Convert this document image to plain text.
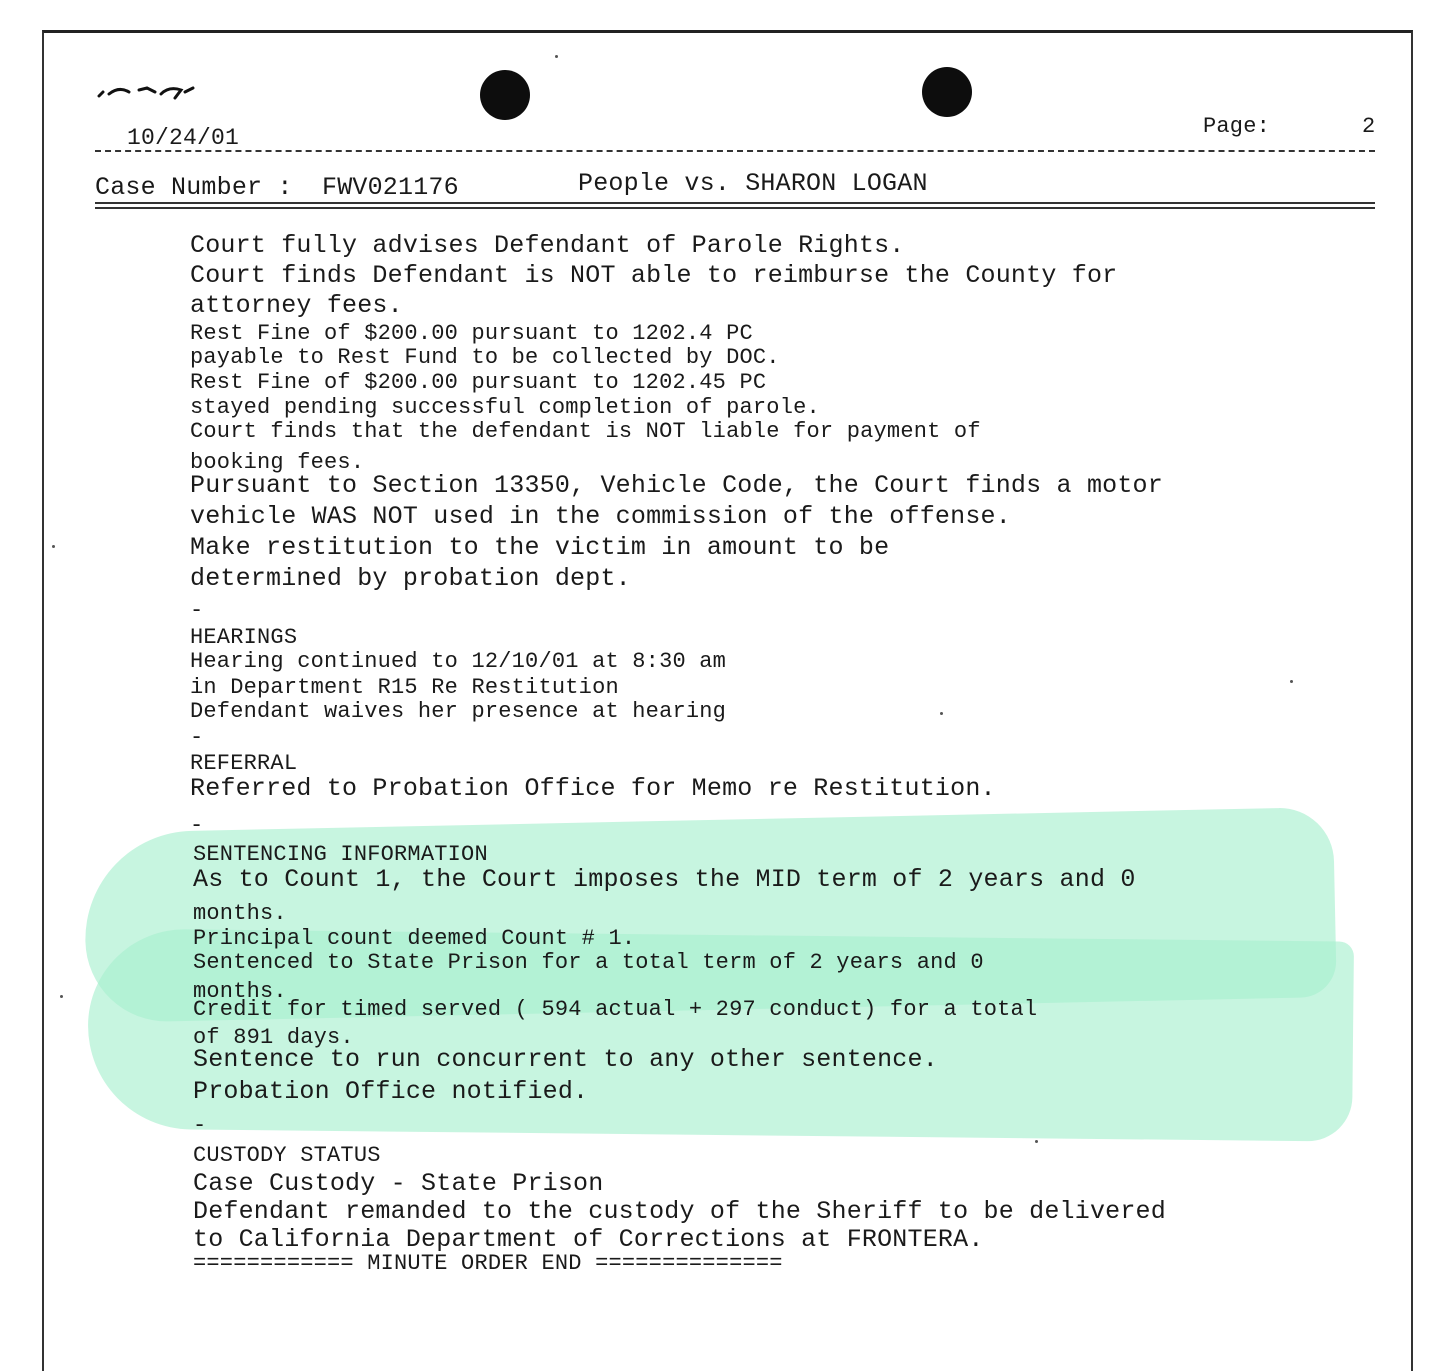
10/24/01	Page:	2
Case Number : FWV021176	People vs. SHARON LOGAN
Court fully advises Defendant of Parole Rights.
Court finds Defendant is NOT able to reimburse the County for
attorney fees.
Rest Fine of $200.00 pursuant to 1202.4 PC
payable to Rest Fund to be collected by DOC.
Rest Fine of $200.00 pursuant to 1202.45 PC
stayed pending successful completion of parole.
Court finds that the defendant is NOT liable for payment of
booking fees.
Pursuant to Section 13350, Vehicle Code, the Court finds a motor
vehicle WAS NOT used in the commission of the offense.
Make restitution to the victim in amount to be
determined by probation dept.
-
HEARINGS
Hearing continued to 12/10/01 at 8:30 am
in Department R15 Re Restitution
Defendant waives her presence at hearing
-
REFERRAL
Referred to Probation Office for Memo re Restitution.
-
SENTENCING INFORMATION
As to Count 1, the Court imposes the MID term of 2 years and 0
months.
Principal count deemed Count # 1.
Sentenced to State Prison for a total term of 2 years and 0
months.
Credit for timed served ( 594 actual + 297 conduct) for a total
of 891 days.
Sentence to run concurrent to any other sentence.
Probation Office notified.
-
CUSTODY STATUS
Case Custody - State Prison
Defendant remanded to the custody of the Sheriff to be delivered
to California Department of Corrections at FRONTERA.
============ MINUTE ORDER END ==============
